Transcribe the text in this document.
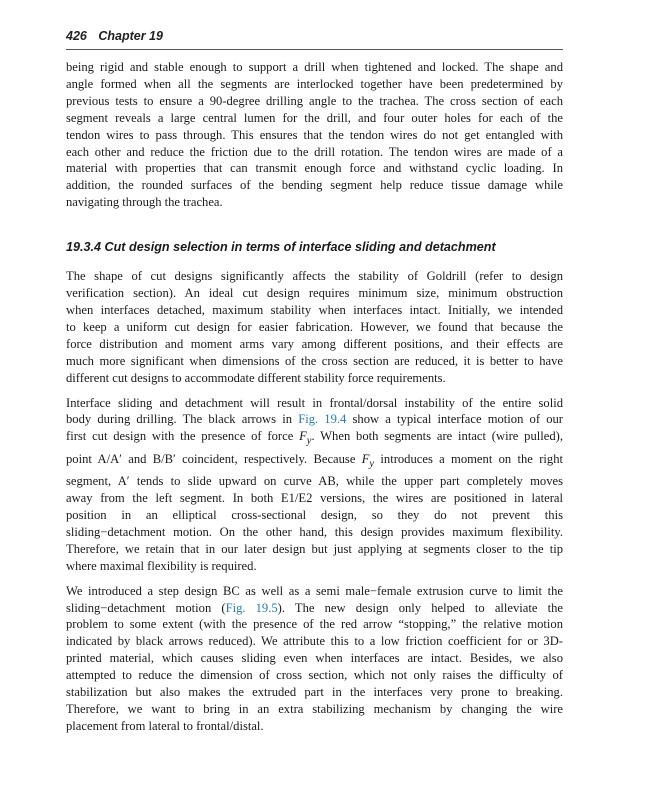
426 Chapter 19

being rigid and stable enough to support a drill when tightened and locked. The shape and
angle formed when all the segments are interlocked together have been predetermined by
previous tests to ensure a 90-degree drilling angle to the trachea. The cross section of each
segment reveals a large central lumen for the drill, and four outer holes for each of the
tendon wires to pass through. This ensures that the tendon wires do not get entangled with
each other and reduce the friction due to the drill rotation. The tendon wires are made of a
material with properties that can transmit enough force and withstand cyclic loading. In
addition, the rounded surfaces of the bending segment help reduce tissue damage while
navigating through the trachea.

19.3.4 Cut design selection in terms of interface sliding and detachment

The shape of cut designs significantly affects the stability of Goldrill (refer to design
verification section). An ideal cut design requires minimum size, minimum obstruction
when interfaces detached, maximum stability when interfaces intact. Initially, we intended
to keep a uniform cut design for easier fabrication. However, we found that because the
force distribution and moment arms vary among different positions, and their effects are
much more significant when dimensions of the cross section are reduced, it is better to have
different cut designs to accommodate different stability force requirements.

Interface sliding and detachment will result in frontal/dorsal instability of the entire solid
body during drilling. The black arrows in Fig. 19.4 show a typical interface motion of our
first cut design with the presence of force $F_y$. When both segments are intact (wire pulled),
point A/A′ and B/B′ coincident, respectively. Because $F_y$ introduces a moment on the right
segment, A′ tends to slide upward on curve AB, while the upper part completely moves
away from the left segment. In both E1/E2 versions, the wires are positioned in lateral
position in an elliptical cross-sectional design, so they do not prevent this
sliding−detachment motion. On the other hand, this design provides maximum flexibility.
Therefore, we retain that in our later design but just applying at segments closer to the tip
where maximal flexibility is required.

We introduced a step design BC as well as a semi male−female extrusion curve to limit the
sliding−detachment motion (Fig. 19.5). The new design only helped to alleviate the
problem to some extent (with the presence of the red arrow “stopping,” the relative motion
indicated by black arrows reduced). We attribute this to a low friction coefficient for or 3D-
printed material, which causes sliding even when interfaces are intact. Besides, we also
attempted to reduce the dimension of cross section, which not only raises the difficulty of
stabilization but also makes the extruded part in the interfaces very prone to breaking.
Therefore, we want to bring in an extra stabilizing mechanism by changing the wire
placement from lateral to frontal/distal.
